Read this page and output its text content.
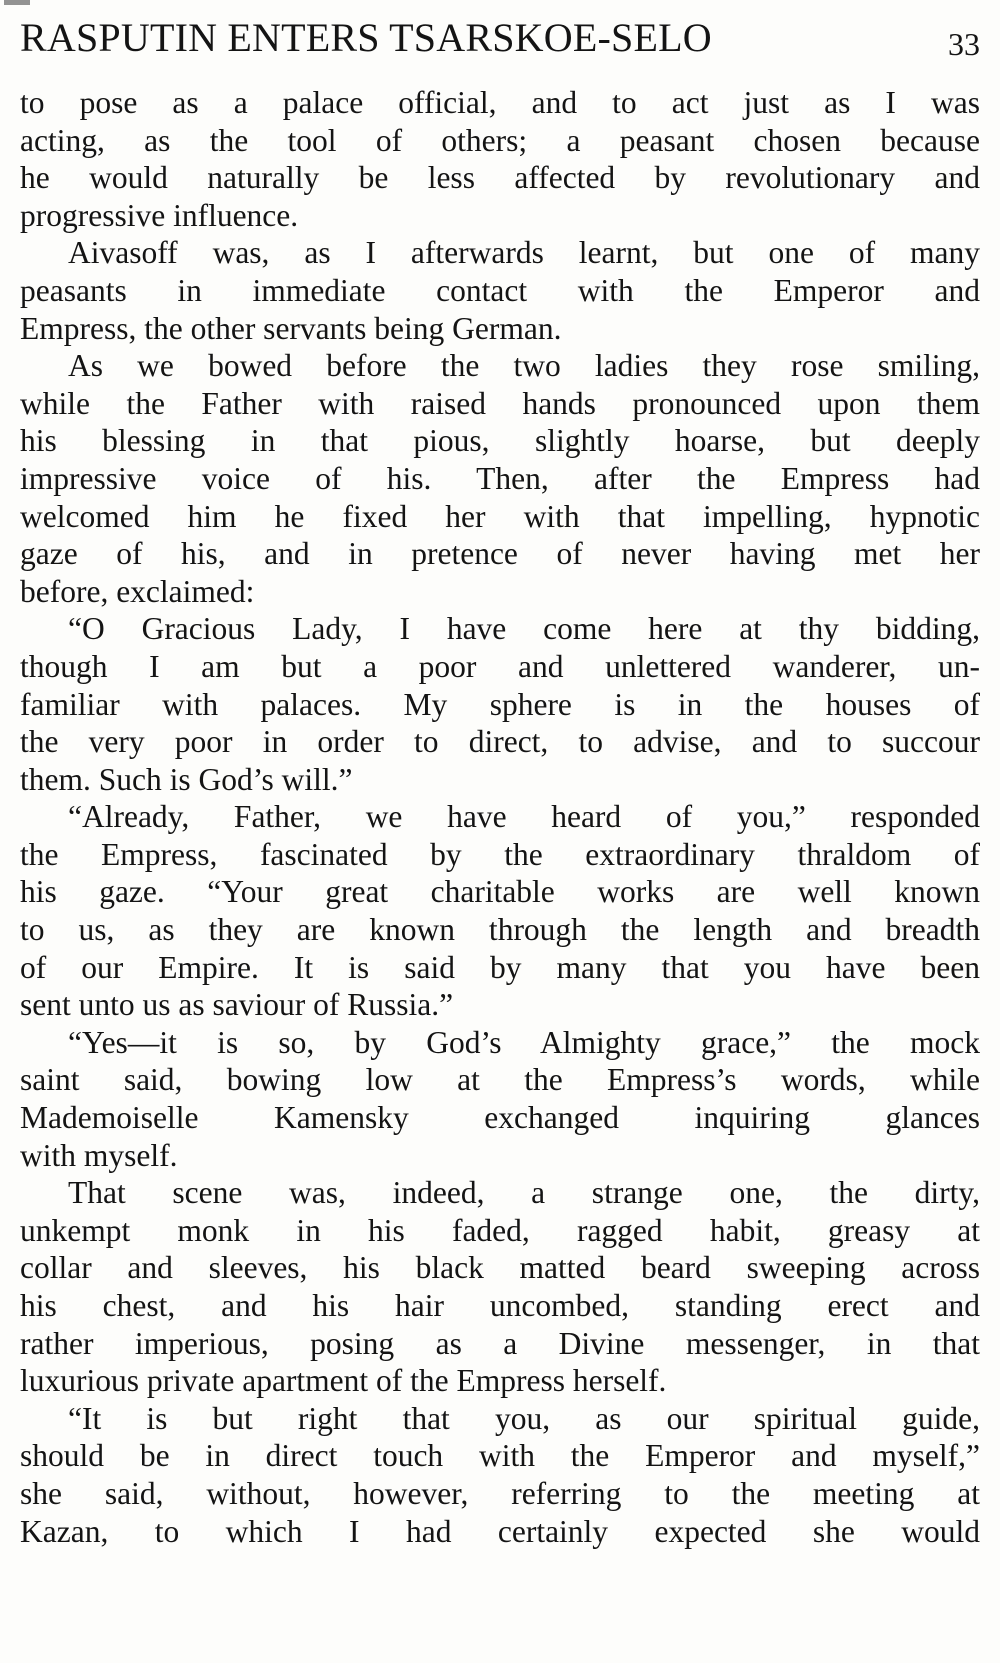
RASPUTIN ENTERS TSARSKOE-SELO	33
to pose as a palace official, and to act just as I was
acting, as the tool of others; a peasant chosen because
he would naturally be less affected by revolutionary and
progressive influence.
Aivasoff was, as I afterwards learnt, but one of many
peasants in immediate contact with the Emperor and
Empress, the other servants being German.
As we bowed before the two ladies they rose smiling,
while the Father with raised hands pronounced upon them
his blessing in that pious, slightly hoarse, but deeply
impressive voice of his. Then, after the Empress had
welcomed him he fixed her with that impelling, hypnotic
gaze of his, and in pretence of never having met her
before, exclaimed:
“O Gracious Lady, I have come here at thy bidding,
though I am but a poor and unlettered wanderer, un-
familiar with palaces. My sphere is in the houses of
the very poor in order to direct, to advise, and to succour
them. Such is God’s will.”
“Already, Father, we have heard of you,” responded
the Empress, fascinated by the extraordinary thraldom of
his gaze. “Your great charitable works are well known
to us, as they are known through the length and breadth
of our Empire. It is said by many that you have been
sent unto us as saviour of Russia.”
“Yes—it is so, by God’s Almighty grace,” the mock
saint said, bowing low at the Empress’s words, while
Mademoiselle Kamensky exchanged inquiring glances
with myself.
That scene was, indeed, a strange one, the dirty,
unkempt monk in his faded, ragged habit, greasy at
collar and sleeves, his black matted beard sweeping across
his chest, and his hair uncombed, standing erect and
rather imperious, posing as a Divine messenger, in that
luxurious private apartment of the Empress herself.
“It is but right that you, as our spiritual guide,
should be in direct touch with the Emperor and myself,”
she said, without, however, referring to the meeting at
Kazan, to which I had certainly expected she would
